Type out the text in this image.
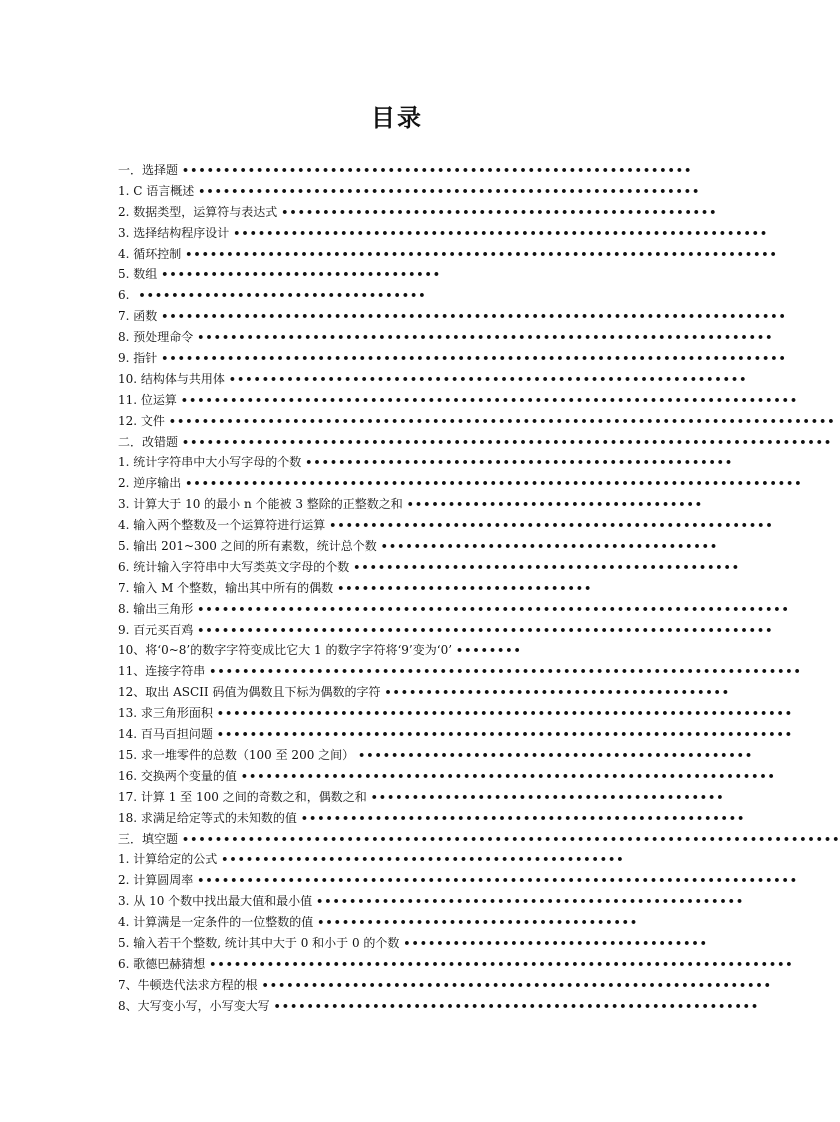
目录
一．选择题 ••••••••••••••••••••••••••••••••••••••••••••••••••••••••••••••
1. C 语言概述 •••••••••••••••••••••••••••••••••••••••••••••••••••••••••••••
2. 数据类型，运算符与表达式 •••••••••••••••••••••••••••••••••••••••••••••••••••••
3. 选择结构程序设计 •••••••••••••••••••••••••••••••••••••••••••••••••••••••••••••••••
4. 循环控制 ••••••••••••••••••••••••••••••••••••••••••••••••••••••••••••••••••••••••
5. 数组 ••••••••••••••••••••••••••••••••••
6. •••••••••••••••••••••••••••••••••••
7. 函数 ••••••••••••••••••••••••••••••••••••••••••••••••••••••••••••••••••••••••••••
8. 预处理命令 ••••••••••••••••••••••••••••••••••••••••••••••••••••••••••••••••••••••
9. 指针 ••••••••••••••••••••••••••••••••••••••••••••••••••••••••••••••••••••••••••••
10. 结构体与共用体 •••••••••••••••••••••••••••••••••••••••••••••••••••••••••••••••
11. 位运算 •••••••••••••••••••••••••••••••••••••••••••••••••••••••••••••••••••••••••••
12. 文件 •••••••••••••••••••••••••••••••••••••••••••••••••••••••••••••••••••••••••••••••••
二．改错题 •••••••••••••••••••••••••••••••••••••••••••••••••••••••••••••••••••••••••••••••
1. 统计字符串中大小写字母的个数 ••••••••••••••••••••••••••••••••••••••••••••••••••••
2. 逆序输出 •••••••••••••••••••••••••••••••••••••••••••••••••••••••••••••••••••••••••••
3. 计算大于 10 的最小 n 个能被 3 整除的正整数之和 ••••••••••••••••••••••••••••••••••••
4. 输入两个整数及一个运算符进行运算 ••••••••••••••••••••••••••••••••••••••••••••••••••••••
5. 输出 201~300 之间的所有素数，统计总个数 •••••••••••••••••••••••••••••••••••••••••
6. 统计输入字符串中大写类英文字母的个数 •••••••••••••••••••••••••••••••••••••••••••••••
7. 输入 M 个整数，输出其中所有的偶数 •••••••••••••••••••••••••••••••
8. 输出三角形 ••••••••••••••••••••••••••••••••••••••••••••••••••••••••••••••••••••••••
9. 百元买百鸡 ••••••••••••••••••••••••••••••••••••••••••••••••••••••••••••••••••••••
10、将‘0~8’的数字字符变成比它大 1 的数字字符将‘9’变为‘0’ ••••••••
11、连接字符串 ••••••••••••••••••••••••••••••••••••••••••••••••••••••••••••••••••••••••
12、取出 ASCII 码值为偶数且下标为偶数的字符 ••••••••••••••••••••••••••••••••••••••••••
13. 求三角形面积 ••••••••••••••••••••••••••••••••••••••••••••••••••••••••••••••••••••••
14. 百马百担问题 ••••••••••••••••••••••••••••••••••••••••••••••••••••••••••••••••••••••
15. 求一堆零件的总数（100 至 200 之间） ••••••••••••••••••••••••••••••••••••••••••••••••
16. 交换两个变量的值 •••••••••••••••••••••••••••••••••••••••••••••••••••••••••••••••••
17. 计算 1 至 100 之间的奇数之和，偶数之和 •••••••••••••••••••••••••••••••••••••••••••
18. 求满足给定等式的未知数的值 ••••••••••••••••••••••••••••••••••••••••••••••••••••••
三．填空题 ••••••••••••••••••••••••••••••••••••••••••••••••••••••••••••••••••••••••••••••••
1. 计算给定的公式 •••••••••••••••••••••••••••••••••••••••••••••••••
2. 计算圆周率 •••••••••••••••••••••••••••••••••••••••••••••••••••••••••••••••••••••••••
3. 从 10 个数中找出最大值和最小值 ••••••••••••••••••••••••••••••••••••••••••••••••••••
4. 计算满是一定条件的一位整数的值 •••••••••••••••••••••••••••••••••••••••
5. 输入若干个整数, 统计其中大于 0 和小于 0 的个数 •••••••••••••••••••••••••••••••••••••
6. 歌德巴赫猜想 •••••••••••••••••••••••••••••••••••••••••••••••••••••••••••••••••••••••
7、牛顿迭代法求方程的根 ••••••••••••••••••••••••••••••••••••••••••••••••••••••••••••••
8、大写变小写，小写变大写 •••••••••••••••••••••••••••••••••••••••••••••••••••••••••••
